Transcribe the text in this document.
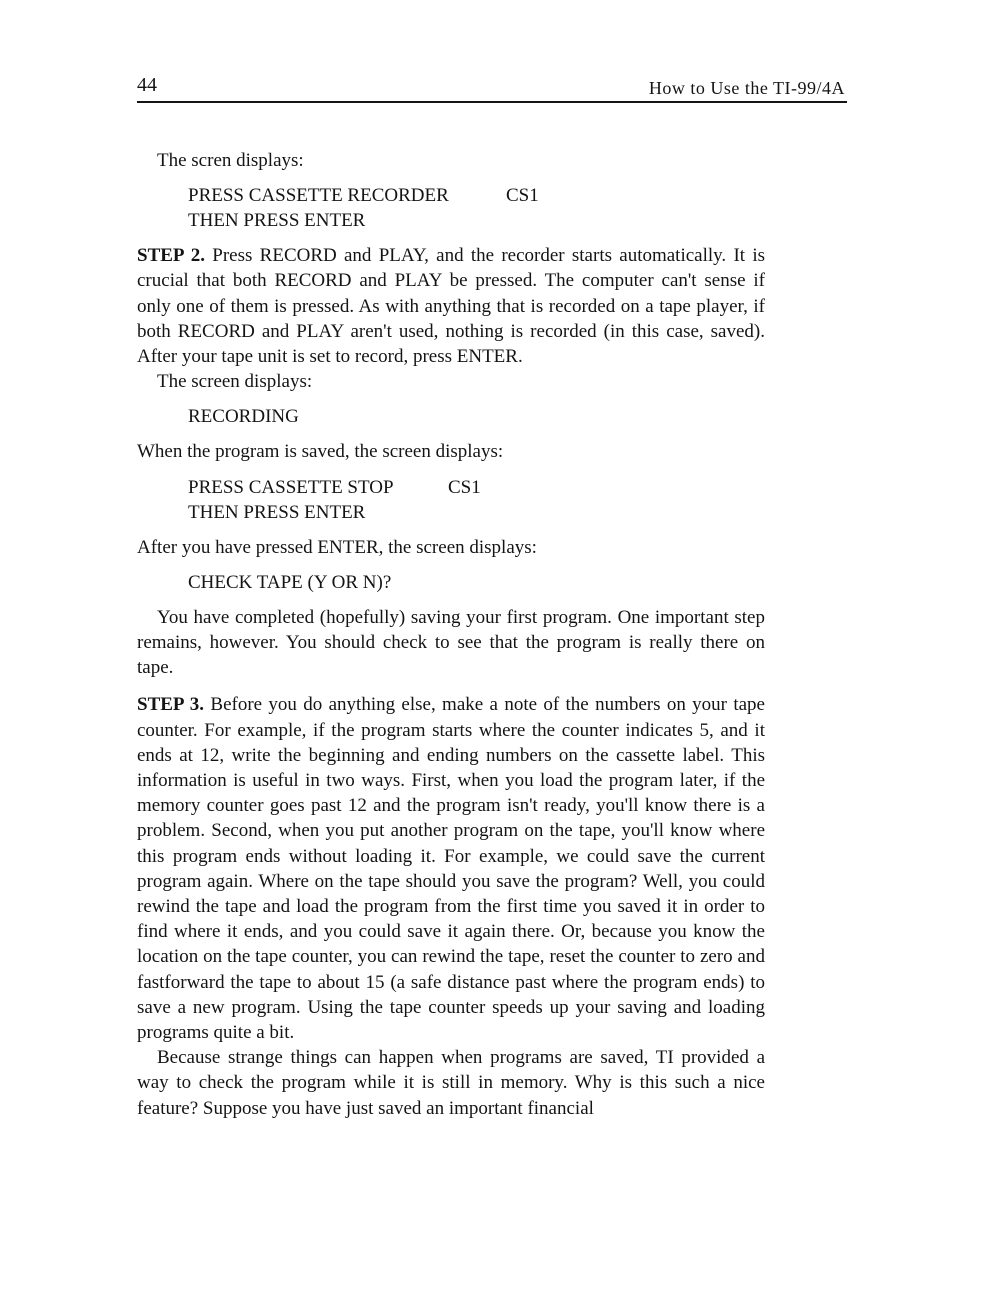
44	How to Use the TI-99/4A

The scren displays:

PRESS CASSETTE RECORDER	CS1
THEN PRESS ENTER

STEP 2. Press RECORD and PLAY, and the recorder starts automatically. It is crucial that both RECORD and PLAY be pressed. The computer can't sense if only one of them is pressed. As with anything that is recorded on a tape player, if both RECORD and PLAY aren't used, nothing is recorded (in this case, saved). After your tape unit is set to record, press ENTER.

The screen displays:

RECORDING

When the program is saved, the screen displays:

PRESS CASSETTE STOP	CS1
THEN PRESS ENTER

After you have pressed ENTER, the screen displays:

CHECK TAPE (Y OR N)?

You have completed (hopefully) saving your first program. One important step remains, however. You should check to see that the program is really there on tape.

STEP 3. Before you do anything else, make a note of the numbers on your tape counter. For example, if the program starts where the counter indicates 5, and it ends at 12, write the beginning and ending numbers on the cassette label. This information is useful in two ways. First, when you load the program later, if the memory counter goes past 12 and the program isn't ready, you'll know there is a problem. Second, when you put another program on the tape, you'll know where this program ends without loading it. For example, we could save the current program again. Where on the tape should you save the program? Well, you could rewind the tape and load the program from the first time you saved it in order to find where it ends, and you could save it again there. Or, because you know the location on the tape counter, you can rewind the tape, reset the counter to zero and fastforward the tape to about 15 (a safe distance past where the program ends) to save a new program. Using the tape counter speeds up your saving and loading programs quite a bit.

Because strange things can happen when programs are saved, TI provided a way to check the program while it is still in memory. Why is this such a nice feature? Suppose you have just saved an important financial
